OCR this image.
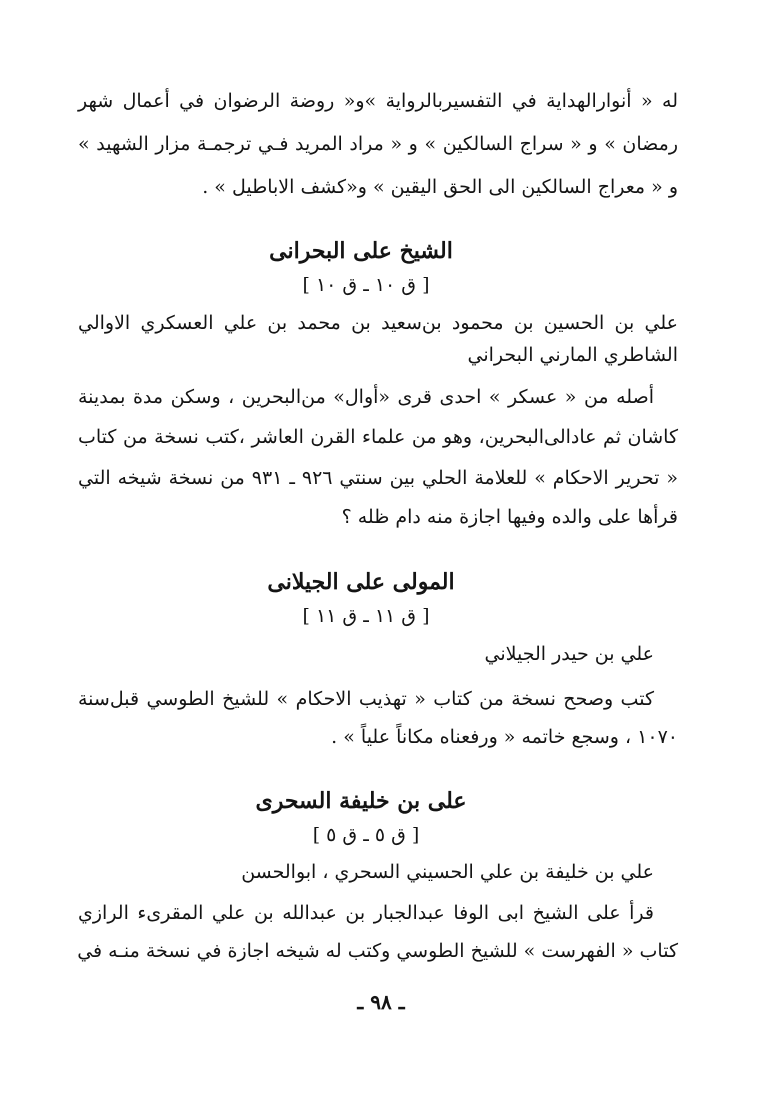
له « أنوارالهداية في التفسيربالرواية »و« روضة الرضوان في أعمال شهر
رمضان » و « سراج السالكين » و « مراد المريد فـي ترجمـة مزار الشهيد »
و « معراج السالكين الى الحق اليقين » و«كشف الاباطيل » .
الشيخ على البحرانى
[ ق ١٠ ـ ق ١٠ ]
علي بن الحسين بن محمود بن‌سعيد بن محمد بن علي العسكري الاوالي
الشاطري المارني البحراني
أصله من « عسكر » احدى قرى «أوال» من‌البحرين ، وسكن مدة بمدينة
كاشان ثم عادالى‌البحرين، وهو من علماء القرن العاشر ،كتب نسخة من كتاب
« تحرير الاحكام » للعلامة الحلي بين سنتي ٩٢٦ ـ ٩٣١ من نسخة شيخه التي
قرأها على والده وفيها اجازة منه دام ظله ؟
المولى على الجيلانى
[ ق ١١ ـ ق ١١ ]
علي بن حيدر الجيلاني
كتب وصحح نسخة من كتاب « تهذيب الاحكام » للشيخ الطوسي قبل‌سنة
١٠٧٠ ، وسجع خاتمه « ورفعناه مكاناً علياً » .
على بن خليفة السحرى
[ ق ٥ ـ ق ٥ ]
علي بن خليفة بن علي الحسيني السحري ، ابوالحسن
قرأ على الشيخ ابى الوفا عبدالجبار بن عبدالله بن علي المقرىء الرازي
كتاب « الفهرست » للشيخ الطوسي وكتب له شيخه اجازة في نسخة منـه في
ـ ٩٨ ـ
